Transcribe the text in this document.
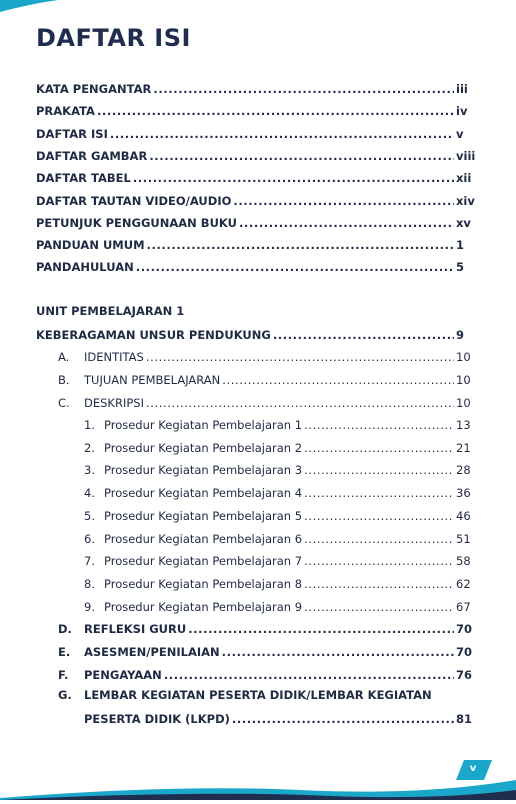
DAFTAR ISI
KATA PENGANTAR .....	iii
PRAKATA .....	iv
DAFTAR ISI .....	v
DAFTAR GAMBAR .....	viii
DAFTAR TABEL .....	xii
DAFTAR TAUTAN VIDEO/AUDIO .....	xiv
PETUNJUK PENGGUNAAN BUKU .....	xv
PANDUAN UMUM .....	1
PANDAHULUAN .....	5
UNIT PEMBELAJARAN 1
KEBERAGAMAN UNSUR PENDUKUNG .....	9
A.	IDENTITAS .....	10
B.	TUJUAN PEMBELAJARAN .....	10
C.	DESKRIPSI .....	10
1. Prosedur Kegiatan Pembelajaran 1 .....	13
2. Prosedur Kegiatan Pembelajaran 2 .....	21
3. Prosedur Kegiatan Pembelajaran 3 .....	28
4. Prosedur Kegiatan Pembelajaran 4 .....	36
5. Prosedur Kegiatan Pembelajaran 5 .....	46
6. Prosedur Kegiatan Pembelajaran 6 .....	51
7. Prosedur Kegiatan Pembelajaran 7 .....	58
8. Prosedur Kegiatan Pembelajaran 8 .....	62
9. Prosedur Kegiatan Pembelajaran 9 .....	67
D.	REFLEKSI GURU .....	70
E.	ASESMEN/PENILAIAN .....	70
F.	PENGAYAAN .....	76
G. LEMBAR KEGIATAN PESERTA DIDIK/LEMBAR KEGIATAN
PESERTA DIDIK (LKPD) .....	81
v
